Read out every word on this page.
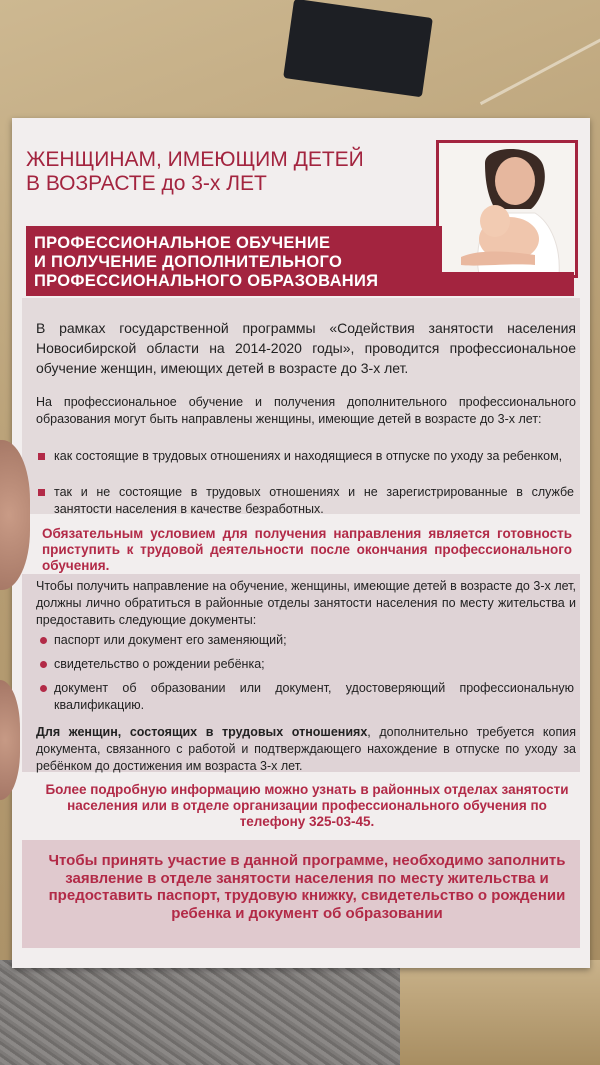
ЖЕНЩИНАМ, ИМЕЮЩИМ ДЕТЕЙ
В ВОЗРАСТЕ до 3-х ЛЕТ
ПРОФЕССИОНАЛЬНОЕ ОБУЧЕНИЕ
И ПОЛУЧЕНИЕ ДОПОЛНИТЕЛЬНОГО
ПРОФЕССИОНАЛЬНОГО ОБРАЗОВАНИЯ
В рамках государственной программы «Содействия занятости населения Новосибирской области на 2014-2020 годы», проводится профессиональное обучение женщин, имеющих детей в возрасте до 3-х лет.
На профессиональное обучение и получения дополнительного профессионального образования могут быть направлены женщины, имеющие детей в возрасте до 3-х лет:
как состоящие в трудовых отношениях и находящиеся в отпуске по уходу за ребенком,
так и не состоящие в трудовых отношениях и не зарегистрированные в службе занятости населения в качестве безработных.
Обязательным условием для получения направления является готовность приступить к трудовой деятельности после окончания профессионального обучения.
Чтобы получить направление на обучение, женщины, имеющие детей в возрасте до 3-х лет, должны лично обратиться в районные отделы занятости населения по месту жительства и предоставить следующие документы:
паспорт или документ его заменяющий;
свидетельство о рождении ребёнка;
документ об образовании или документ, удостоверяющий профессиональную квалификацию.
Для женщин, состоящих в трудовых отношениях, дополнительно требуется копия документа, связанного с работой и подтверждающего нахождение в отпуске по уходу за ребёнком до достижения им возраста 3-х лет.
Более подробную информацию можно узнать в районных отделах занятости населения или в отделе организации профессионального обучения по телефону 325-03-45.
Чтобы принять участие в данной программе, необходимо заполнить заявление в отделе занятости населения по месту жительства и предоставить паспорт, трудовую книжку, свидетельство о рождении ребенка и документ об образовании
